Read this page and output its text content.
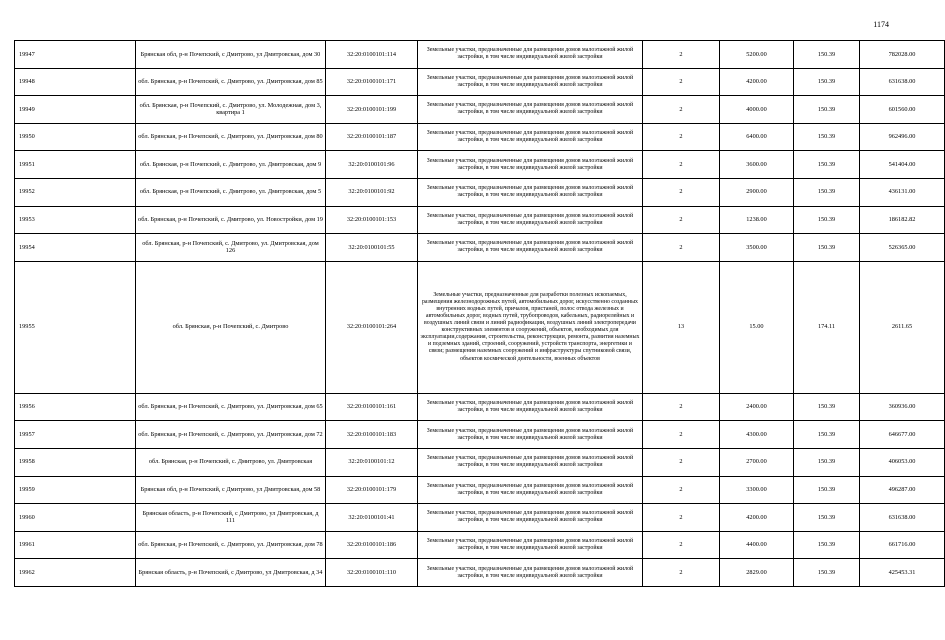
1174
19947	Брянская обл, р-н Почепский, с Дмитрово, ул Дмитровская, дом 30	32:20:0100101:114	Земельные участки, предназначенные для размещения домов малоэтажной жилой застройки, в том числе индивидуальной жилой застройки	2	5200.00	150.39	782028.00
19948	обл. Брянская, р-н Почепский, с. Дмитрово, ул. Дмитровская, дом 85	32:20:0100101:171	Земельные участки, предназначенные для размещения домов малоэтажной жилой застройки, в том числе индивидуальной жилой застройки	2	4200.00	150.39	631638.00
19949	обл. Брянская, р-н Почепский, с. Дмитрово, ул. Молодежная, дом 3, квартира 1	32:20:0100101:199	Земельные участки, предназначенные для размещения домов малоэтажной жилой застройки, в том числе индивидуальной жилой застройки	2	4000.00	150.39	601560.00
19950	обл. Брянская, р-н Почепский, с. Дмитрово, ул. Дмитровская, дом 80	32:20:0100101:187	Земельные участки, предназначенные для размещения домов малоэтажной жилой застройки, в том числе индивидуальной жилой застройки	2	6400.00	150.39	962496.00
19951	обл. Брянская, р-н Почепский, с. Дмитрово, ул. Дмитровская, дом 9	32:20:0100101:96	Земельные участки, предназначенные для размещения домов малоэтажной жилой застройки, в том числе индивидуальной жилой застройки	2	3600.00	150.39	541404.00
19952	обл. Брянская, р-н Почепский, с. Дмитрово, ул. Дмитровская, дом 5	32:20:0100101:92	Земельные участки, предназначенные для размещения домов малоэтажной жилой застройки, в том числе индивидуальной жилой застройки	2	2900.00	150.39	436131.00
19953	обл. Брянская, р-н Почепский, с. Дмитрово, ул. Новостройки, дом 19	32:20:0100101:153	Земельные участки, предназначенные для размещения домов малоэтажной жилой застройки, в том числе индивидуальной жилой застройки	2	1238.00	150.39	186182.82
19954	обл. Брянская, р-н Почепский, с. Дмитрово, ул. Дмитровская, дом 126	32:20:0100101:55	Земельные участки, предназначенные для размещения домов малоэтажной жилой застройки, в том числе индивидуальной жилой застройки	2	3500.00	150.39	526365.00
19955	обл. Брянская, р-н Почепский, с. Дмитрово	32:20:0100101:264	Земельные участки, предназначенные для разработки полезных ископаемых, размещения железнодорожных путей, автомобильных дорог, искусственно созданных внутренних водных путей, причалов, пристаней, полос отвода железных и автомобильных дорог, водных путей, трубопроводов, кабельных, радиорелейных и воздушных линий связи и линий радиофикации, воздушных линий электропередачи конструктивных элементов и сооружений, объектов, необходимых для эксплуатации,содержания, строительства, реконструкции, ремонта, развития наземных и подземных зданий, строений, сооружений, устройств транспорта, энергетики и связи; размещения наземных сооружений и инфраструктуры спутниковой связи, объектов космической деятельности, военных объектов	13	15.00	174.11	2611.65
19956	обл. Брянская, р-н Почепский, с. Дмитрово, ул. Дмитровская, дом 65	32:20:0100101:161	Земельные участки, предназначенные для размещения домов малоэтажной жилой застройки, в том числе индивидуальной жилой застройки	2	2400.00	150.39	360936.00
19957	обл. Брянская, р-н Почепский, с. Дмитрово, ул. Дмитровская, дом 72	32:20:0100101:183	Земельные участки, предназначенные для размещения домов малоэтажной жилой застройки, в том числе индивидуальной жилой застройки	2	4300.00	150.39	646677.00
19958	обл. Брянская, р-н Почепский, с. Дмитрово, ул. Дмитровская	32:20:0100101:12	Земельные участки, предназначенные для размещения домов малоэтажной жилой застройки, в том числе индивидуальной жилой застройки	2	2700.00	150.39	406053.00
19959	Брянская обл, р-н Почепский, с Дмитрово, ул Дмитровская, дом 58	32:20:0100101:179	Земельные участки, предназначенные для размещения домов малоэтажной жилой застройки, в том числе индивидуальной жилой застройки	2	3300.00	150.39	496287.00
19960	Брянская область, р-н Почепский, с Дмитрово, ул Дмитровская, д 111	32:20:0100101:41	Земельные участки, предназначенные для размещения домов малоэтажной жилой застройки, в том числе индивидуальной жилой застройки	2	4200.00	150.39	631638.00
19961	обл. Брянская, р-н Почепский, с. Дмитрово, ул. Дмитровская, дом 78	32:20:0100101:186	Земельные участки, предназначенные для размещения домов малоэтажной жилой застройки, в том числе индивидуальной жилой застройки	2	4400.00	150.39	661716.00
19962	Брянская область, р-н Почепский, с Дмитрово, ул Дмитровская, д 34	32:20:0100101:110	Земельные участки, предназначенные для размещения домов малоэтажной жилой застройки, в том числе индивидуальной жилой застройки	2	2829.00	150.39	425453.31
